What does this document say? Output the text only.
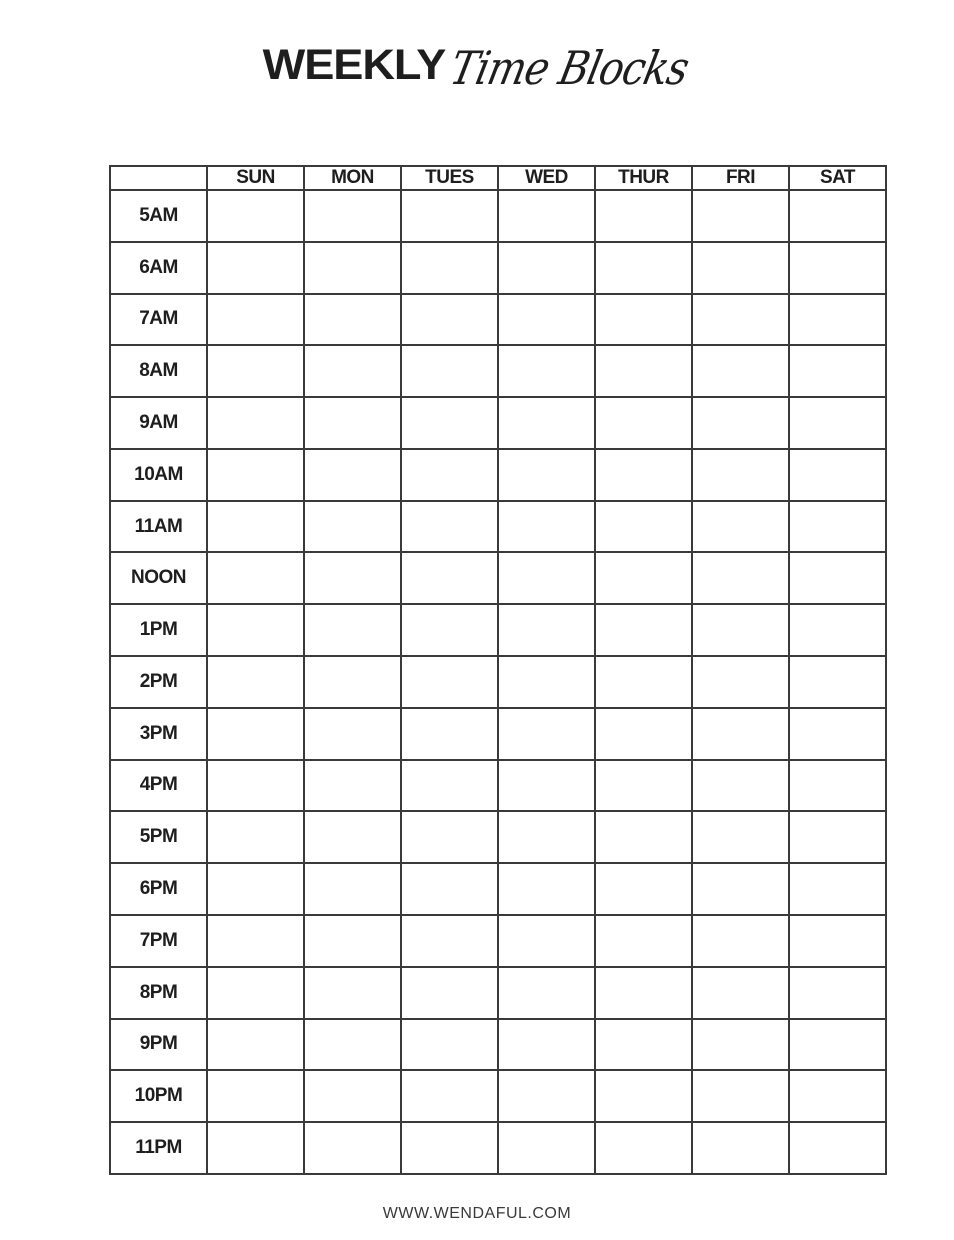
WEEKLY Time Blocks
	SUN	MON	TUES	WED	THUR	FRI	SAT
5AM							
6AM							
7AM							
8AM							
9AM							
10AM							
11AM							
NOON							
1PM							
2PM							
3PM							
4PM							
5PM							
6PM							
7PM							
8PM							
9PM							
10PM							
11PM							
WWW.WENDAFUL.COM
